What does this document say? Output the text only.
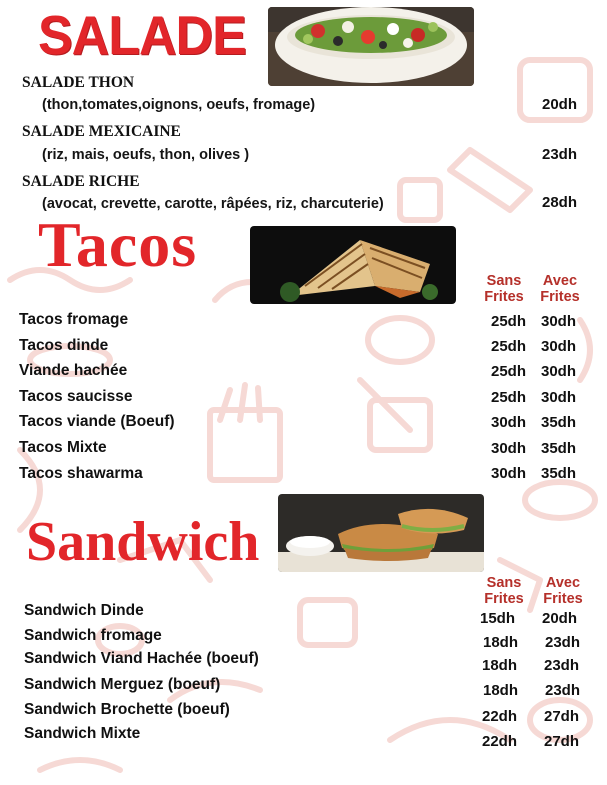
SALADE
SALADE THON
(thon,tomates,oignons, oeufs, fromage)	20dh
SALADE MEXICAINE
(riz, mais, oeufs, thon, olives )	23dh
SALADE RICHE
(avocat, crevette, carotte, râpées, riz, charcuterie)	28dh
Tacos
Sans
Frites
Avec
Frites
Tacos fromage	25dh 30dh
Tacos dinde	25dh 30dh
Viande hachée	25dh 30dh
Tacos saucisse	25dh 30dh
Tacos viande (Boeuf)	30dh 35dh
Tacos Mixte	30dh 35dh
Tacos shawarma	30dh 35dh
Sandwich
Sans
Frites
Avec
Frites
Sandwich Dinde	15dh 20dh
Sandwich fromage	18dh 23dh
Sandwich Viand Hachée (boeuf)	18dh 23dh
Sandwich Merguez (boeuf)	18dh 23dh
Sandwich Brochette (boeuf)	22dh 27dh
Sandwich Mixte	22dh 27dh
